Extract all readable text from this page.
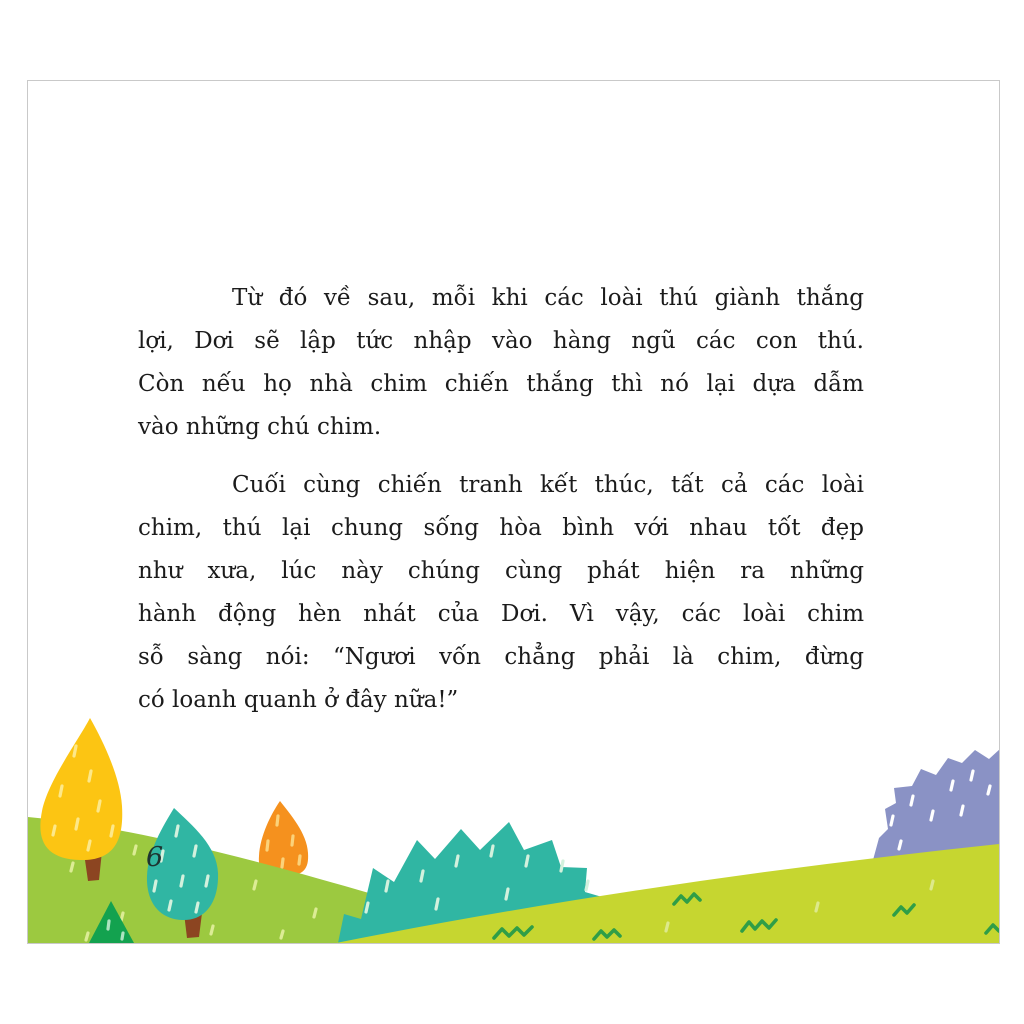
Từ đó về sau, mỗi khi các loài thú giành thắng
lợi, Dơi sẽ lập tức nhập vào hàng ngũ các con thú.
Còn nếu họ nhà chim chiến thắng thì nó lại dựa dẫm
vào những chú chim.
Cuối cùng chiến tranh kết thúc, tất cả các loài
chim, thú lại chung sống hòa bình với nhau tốt đẹp
như xưa, lúc này chúng cùng phát hiện ra những
hành động hèn nhát của Dơi. Vì vậy, các loài chim
sỗ sàng nói: “Ngươi vốn chẳng phải là chim, đừng
có loanh quanh ở đây nữa!”
6
